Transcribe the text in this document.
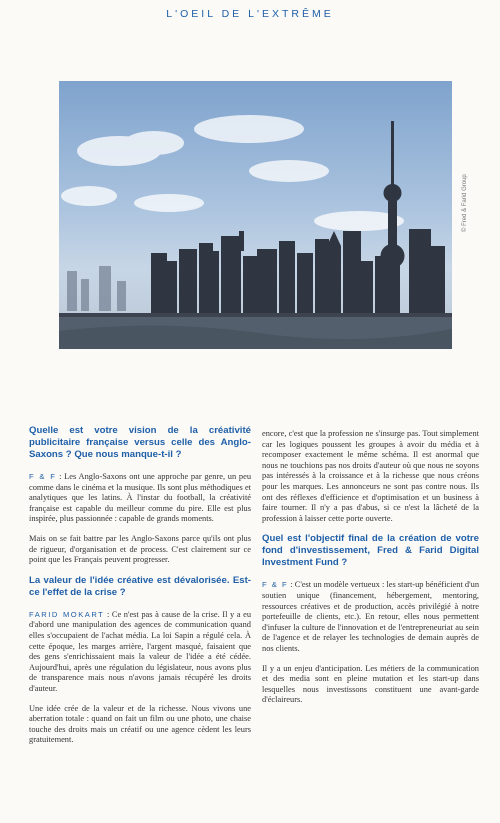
L'OEIL DE L'EXTRÊME
© Fred & Farid Group
Quelle est votre vision de la créativité publicitaire française versus celle des Anglo-Saxons ? Que nous manque-t-il ?

F & F : Les Anglo-Saxons ont une approche par genre, un peu comme dans le cinéma et la musique. Ils sont plus méthodiques et analytiques que les latins. À l'instar du football, la créativité française est capable du meilleur comme du pire. Elle est plus inspirée, plus passionnée : capable de grands moments.

Mais on se fait battre par les Anglo-Saxons parce qu'ils ont plus de rigueur, d'organisation et de process. C'est clairement sur ce point que les Français peuvent progresser.

La valeur de l'idée créative est dévalorisée. Est-ce l'effet de la crise ?

FARID MOKART : Ce n'est pas à cause de la crise. Il y a eu d'abord une manipulation des agences de communication quand elles s'occupaient de l'achat média. La loi Sapin a régulé cela. À cette époque, les marges arrière, l'argent masqué, faisaient que des gens s'enrichissaient mais la valeur de l'idée a été cédée. Aujourd'hui, après une régulation du législateur, nous avons plus de transparence mais nous n'avons jamais récupéré les droits d'auteur.

Une idée crée de la valeur et de la richesse. Nous vivons une aberration totale : quand on fait un film ou une photo, une chaise touche des droits mais un créatif ou une agence cèdent les leurs gratuitement.

encore, c'est que la profession ne s'insurge pas. Tout simplement car les logiques poussent les groupes à avoir du média et à recomposer exactement le même schéma. Il est anormal que nous ne touchions pas nos droits d'auteur où que nous ne soyons pas intéressés à la croissance et à la richesse que nous créons pour les marques. Les annonceurs ne sont pas contre nous. Ils ont des réflexes d'efficience et d'optimisation et un business à faire tourner. Il n'y a pas d'abus, si ce n'est la lâcheté de la profession à laisser cette porte ouverte.

Quel est l'objectif final de la création de votre fond d'investissement, Fred & Farid Digital Investment Fund ?

F & F : C'est un modèle vertueux : les start-up bénéficient d'un soutien unique (financement, hébergement, mentoring, ressources créatives et de production, accès privilégié à notre portefeuille de clients, etc.). En retour, elles nous permettent d'infuser la culture de l'innovation et de l'entrepreneuriat au sein de l'agence et de relayer les technologies de demain auprès de nos clients.

Il y a un enjeu d'anticipation. Les métiers de la communication et des media sont en pleine mutation et les start-up dans lesquelles nous investissons constituent une avant-garde d'éclaireurs.
